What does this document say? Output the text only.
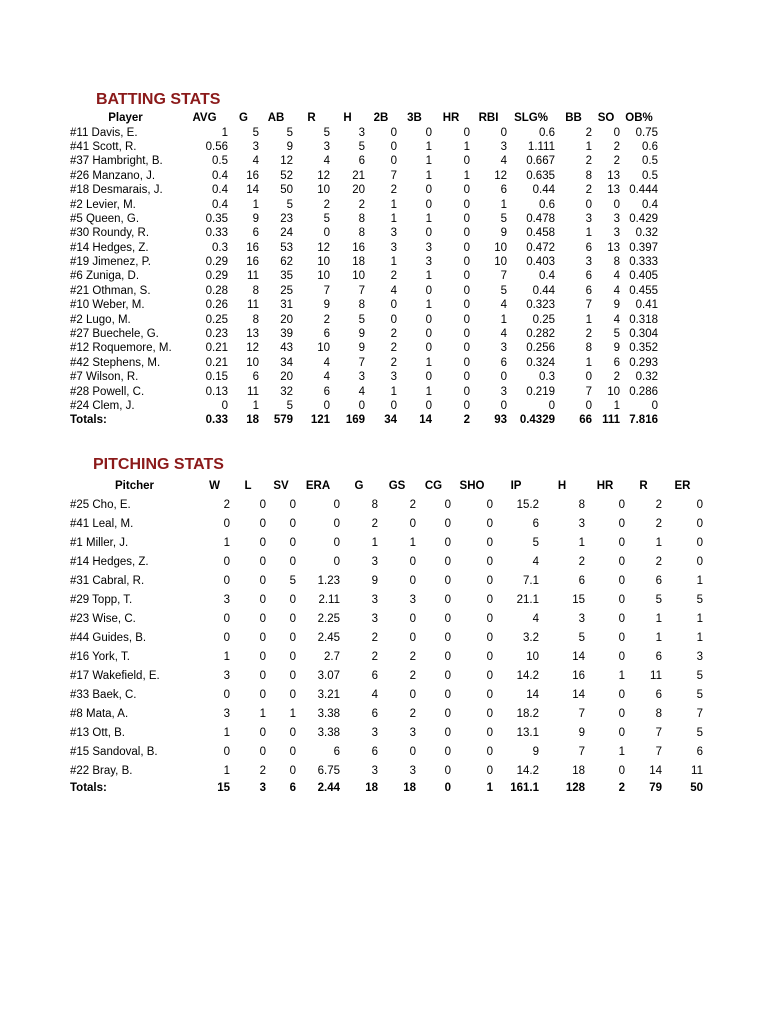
BATTING STATS
Player	AVG	G	AB	R	H	2B	3B	HR	RBI	SLG%	BB	SO	OB%
#11 Davis, E.	1	5	5	5	3	0	0	0	0	0.6	2	0	0.75
#41 Scott, R.	0.56	3	9	3	5	0	1	1	3	1.111	1	2	0.6
#37 Hambright, B.	0.5	4	12	4	6	0	1	0	4	0.667	2	2	0.5
#26 Manzano, J.	0.4	16	52	12	21	7	1	1	12	0.635	8	13	0.5
#18 Desmarais, J.	0.4	14	50	10	20	2	0	0	6	0.44	2	13	0.444
#2 Levier, M.	0.4	1	5	2	2	1	0	0	1	0.6	0	0	0.4
#5 Queen, G.	0.35	9	23	5	8	1	1	0	5	0.478	3	3	0.429
#30 Roundy, R.	0.33	6	24	0	8	3	0	0	9	0.458	1	3	0.32
#14 Hedges, Z.	0.3	16	53	12	16	3	3	0	10	0.472	6	13	0.397
#19 Jimenez, P.	0.29	16	62	10	18	1	3	0	10	0.403	3	8	0.333
#6 Zuniga, D.	0.29	11	35	10	10	2	1	0	7	0.4	6	4	0.405
#21 Othman, S.	0.28	8	25	7	7	4	0	0	5	0.44	6	4	0.455
#10 Weber, M.	0.26	11	31	9	8	0	1	0	4	0.323	7	9	0.41
#2 Lugo, M.	0.25	8	20	2	5	0	0	0	1	0.25	1	4	0.318
#27 Buechele, G.	0.23	13	39	6	9	2	0	0	4	0.282	2	5	0.304
#12 Roquemore, M.	0.21	12	43	10	9	2	0	0	3	0.256	8	9	0.352
#42 Stephens, M.	0.21	10	34	4	7	2	1	0	6	0.324	1	6	0.293
#7 Wilson, R.	0.15	6	20	4	3	3	0	0	0	0.3	0	2	0.32
#28 Powell, C.	0.13	11	32	6	4	1	1	0	3	0.219	7	10	0.286
#24 Clem, J.	0	1	5	0	0	0	0	0	0	0	0	1	0
Totals:	0.33	18	579	121	169	34	14	2	93	0.4329	66	111	7.816
PITCHING STATS
Pitcher	W	L	SV	ERA	G	GS	CG	SHO	IP	H	HR	R	ER
#25 Cho, E.	2	0	0	0	8	2	0	0	15.2	8	0	2	0
#41 Leal, M.	0	0	0	0	2	0	0	0	6	3	0	2	0
#1 Miller, J.	1	0	0	0	1	1	0	0	5	1	0	1	0
#14 Hedges, Z.	0	0	0	0	3	0	0	0	4	2	0	2	0
#31 Cabral, R.	0	0	5	1.23	9	0	0	0	7.1	6	0	6	1
#29 Topp, T.	3	0	0	2.11	3	3	0	0	21.1	15	0	5	5
#23 Wise, C.	0	0	0	2.25	3	0	0	0	4	3	0	1	1
#44 Guides, B.	0	0	0	2.45	2	0	0	0	3.2	5	0	1	1
#16 York, T.	1	0	0	2.7	2	2	0	0	10	14	0	6	3
#17 Wakefield, E.	3	0	0	3.07	6	2	0	0	14.2	16	1	11	5
#33 Baek, C.	0	0	0	3.21	4	0	0	0	14	14	0	6	5
#8 Mata, A.	3	1	1	3.38	6	2	0	0	18.2	7	0	8	7
#13 Ott, B.	1	0	0	3.38	3	3	0	0	13.1	9	0	7	5
#15 Sandoval, B.	0	0	0	6	6	0	0	0	9	7	1	7	6
#22 Bray, B.	1	2	0	6.75	3	3	0	0	14.2	18	0	14	11
Totals:	15	3	6	2.44	18	18	0	1	161.1	128	2	79	50
